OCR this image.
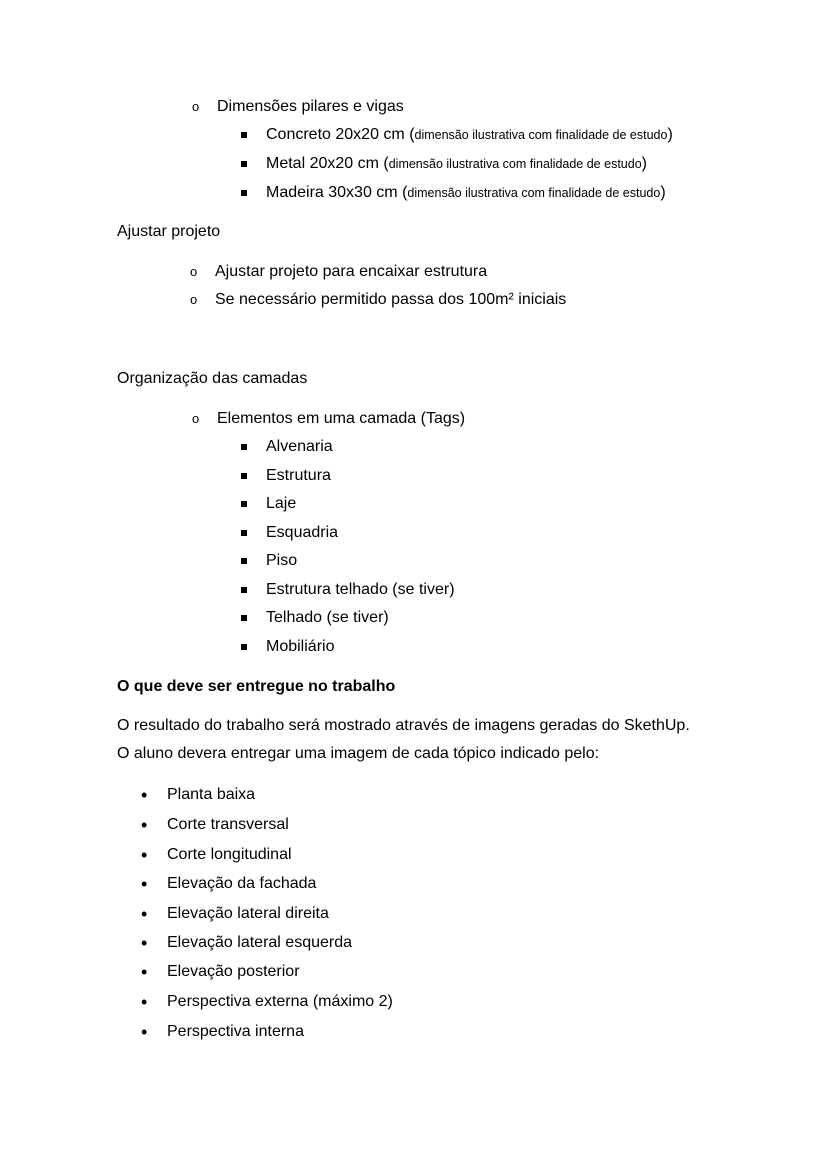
o Dimensões pilares e vigas
Concreto 20x20 cm (dimensão ilustrativa com finalidade de estudo)
Metal 20x20 cm (dimensão ilustrativa com finalidade de estudo)
Madeira 30x30 cm (dimensão ilustrativa com finalidade de estudo)
Ajustar projeto
o Ajustar projeto para encaixar estrutura
o Se necessário permitido passa dos 100m² iniciais
Organização das camadas
o Elementos em uma camada (Tags)
Alvenaria
Estrutura
Laje
Esquadria
Piso
Estrutura telhado (se tiver)
Telhado (se tiver)
Mobiliário
O que deve ser entregue no trabalho
O resultado do trabalho será mostrado através de imagens geradas do SkethUp.
O aluno devera entregar uma imagem de cada tópico indicado pelo:
• Planta baixa
• Corte transversal
• Corte longitudinal
• Elevação da fachada
• Elevação lateral direita
• Elevação lateral esquerda
• Elevação posterior
• Perspectiva externa (máximo 2)
• Perspectiva interna
